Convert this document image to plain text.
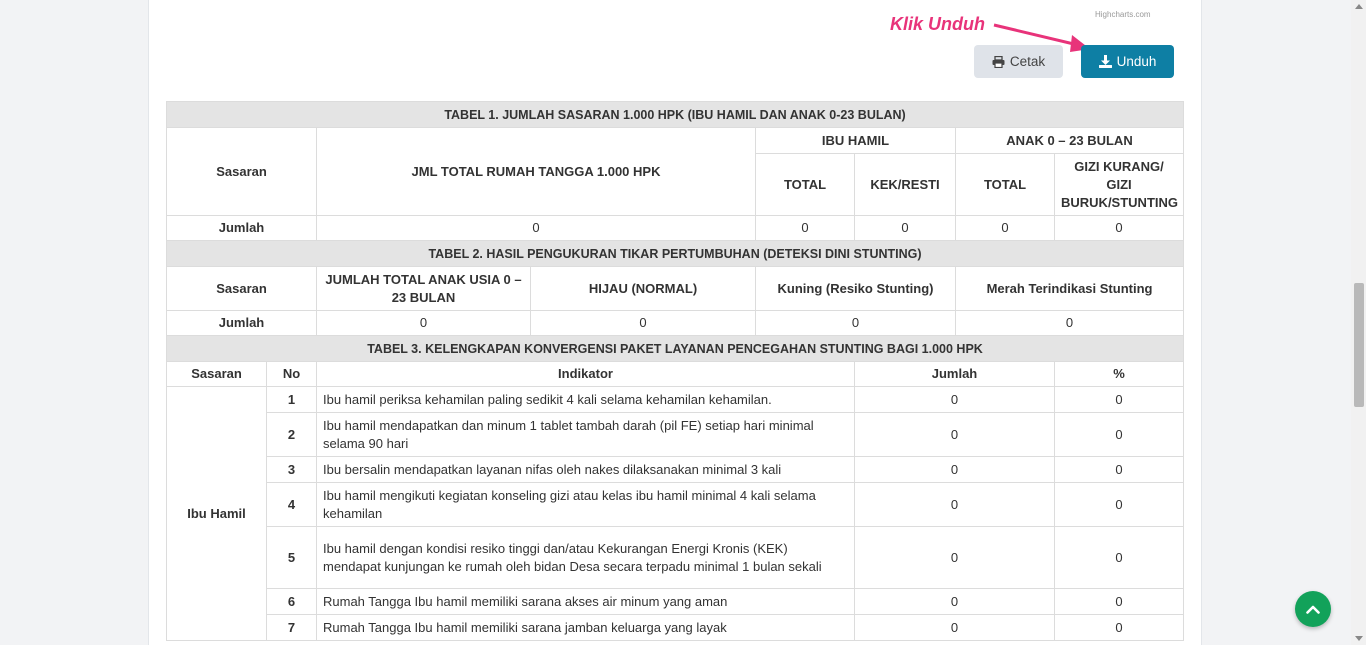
Highcharts.com
Klik Unduh
Cetak	Unduh
TABEL 1. JUMLAH SASARAN 1.000 HPK (IBU HAMIL DAN ANAK 0-23 BULAN)							
Sasaran		JML TOTAL RUMAH TANGGA 1.000 HPK		IBU HAMIL		ANAK 0 – 23 BULAN	
				TOTAL	KEK/RESTI	TOTAL	GIZI KURANG/ GIZI BURUK/STUNTING
Jumlah		0		0	0	0	0
TABEL 2. HASIL PENGUKURAN TIKAR PERTUMBUHAN (DETEKSI DINI STUNTING)							
Sasaran		JUMLAH TOTAL ANAK USIA 0 – 23 BULAN	HIJAU (NORMAL)	Kuning (Resiko Stunting)		Merah Terindikasi Stunting	
Jumlah		0	0	0		0	
TABEL 3. KELENGKAPAN KONVERGENSI PAKET LAYANAN PENCEGAHAN STUNTING BAGI 1.000 HPK							
Sasaran	No	Indikator			Jumlah		%
Ibu Hamil	1	Ibu hamil periksa kehamilan paling sedikit 4 kali selama kehamilan kehamilan.			0		0
	2	Ibu hamil mendapatkan dan minum 1 tablet tambah darah (pil FE) setiap hari minimal selama 90 hari			0		0
	3	Ibu bersalin mendapatkan layanan nifas oleh nakes dilaksanakan minimal 3 kali			0		0
	4	Ibu hamil mengikuti kegiatan konseling gizi atau kelas ibu hamil minimal 4 kali selama kehamilan			0		0
	5	Ibu hamil dengan kondisi resiko tinggi dan/atau Kekurangan Energi Kronis (KEK) mendapat kunjungan ke rumah oleh bidan Desa secara terpadu minimal 1 bulan sekali			0		0
	6	Rumah Tangga Ibu hamil memiliki sarana akses air minum yang aman			0		0
	7	Rumah Tangga Ibu hamil memiliki sarana jamban keluarga yang layak			0		0
